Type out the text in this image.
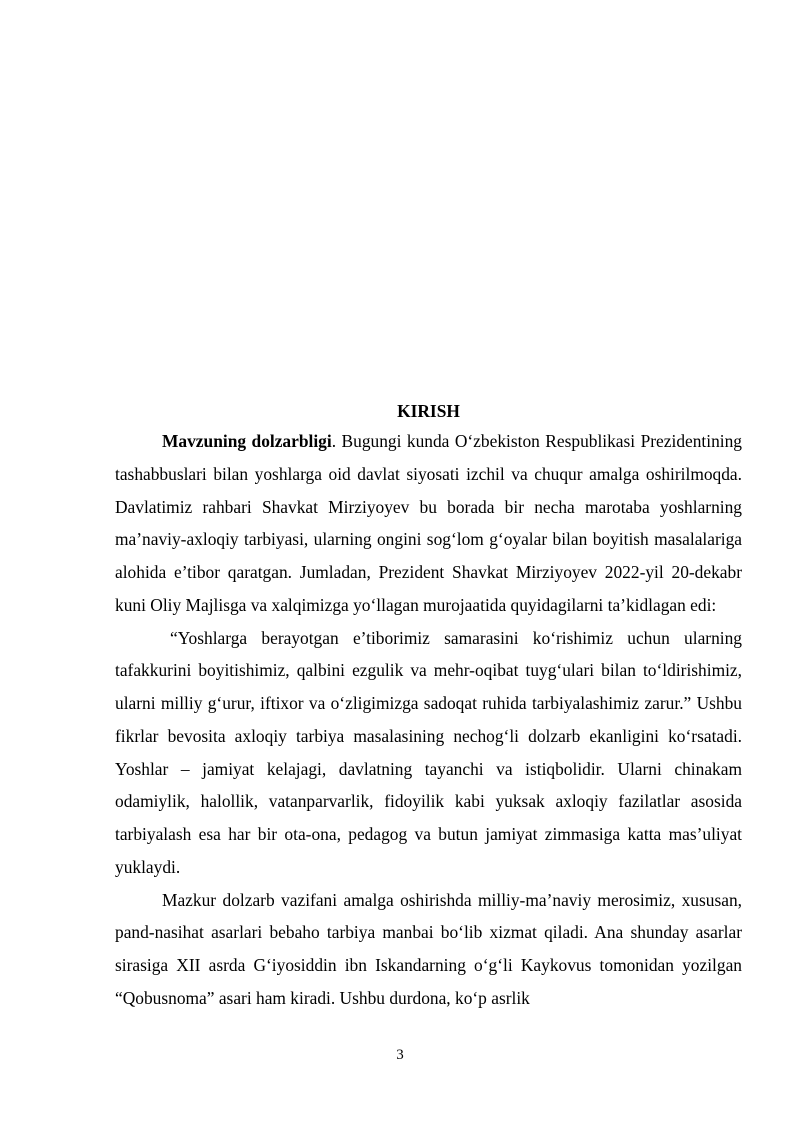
KIRISH

Mavzuning dolzarbligi. Bugungi kunda O‘zbekiston Respublikasi Prezidentining tashabbuslari bilan yoshlarga oid davlat siyosati izchil va chuqur amalga oshirilmoqda. Davlatimiz rahbari Shavkat Mirziyoyev bu borada bir necha marotaba yoshlarning ma’naviy-axloqiy tarbiyasi, ularning ongini sog‘lom g‘oyalar bilan boyitish masalalariga alohida e’tibor qaratgan. Jumladan, Prezident Shavkat Mirziyoyev 2022-yil 20-dekabr kuni Oliy Majlisga va xalqimizga yo‘llagan murojaatida quyidagilarni ta’kidlagan edi:

“Yoshlarga berayotgan e’tiborimiz samarasini ko‘rishimiz uchun ularning tafakkurini boyitishimiz, qalbini ezgulik va mehr-oqibat tuyg‘ulari bilan to‘ldirishimiz, ularni milliy g‘urur, iftixor va o‘zligimizga sadoqat ruhida tarbiyalashimiz zarur.” Ushbu fikrlar bevosita axloqiy tarbiya masalasining nechog‘li dolzarb ekanligini ko‘rsatadi. Yoshlar – jamiyat kelajagi, davlatning tayanchi va istiqbolidir. Ularni chinakam odamiylik, halollik, vatanparvarlik, fidoyilik kabi yuksak axloqiy fazilatlar asosida tarbiyalash esa har bir ota-ona, pedagog va butun jamiyat zimmasiga katta mas’uliyat yuklaydi.

Mazkur dolzarb vazifani amalga oshirishda milliy-ma’naviy merosimiz, xususan, pand-nasihat asarlari bebaho tarbiya manbai bo‘lib xizmat qiladi. Ana shunday asarlar sirasiga XII asrda G‘iyosiddin ibn Iskandarning o‘g‘li Kaykovus tomonidan yozilgan “Qobusnoma” asari ham kiradi. Ushbu durdona, ko‘p asrlik

3
